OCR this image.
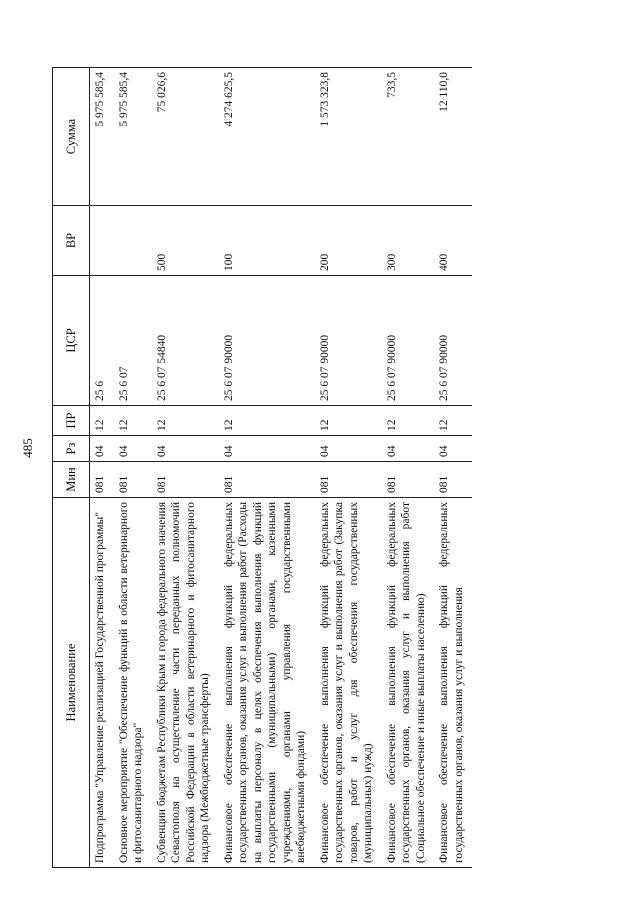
485
Наименование	Мин	Рз	ПР	ЦСР	ВР	Сумма
Подпрограмма "Управление реализацией Государственной программы"	081	04	12	25 6		5 975 585,4
Основное мероприятие "Обеспечение функций в области ветеринарного и фитосанитарного надзора"	081	04	12	25 6 07		5 975 585,4
Субвенции бюджетам Республики Крым и города федерального значения Севастополя на осуществление части переданных полномочий Российской Федерации в области ветеринарного и фитосанитарного надзора (Межбюджетные трансферты)	081	04	12	25 6 07 54840	500	75 026,6
Финансовое обеспечение выполнения функций федеральных государственных органов, оказания услуг и выполнения работ (Расходы на выплаты персоналу в целях обеспечения выполнения функций государственными (муниципальными) органами, казенными учреждениями, органами управления государственными внебюджетными фондами)	081	04	12	25 6 07 90000	100	4 274 625,5
Финансовое обеспечение выполнения функций федеральных государственных органов, оказания услуг и выполнения работ (Закупка товаров, работ и услуг для обеспечения государственных (муниципальных) нужд)	081	04	12	25 6 07 90000	200	1 573 323,8
Финансовое обеспечение выполнения функций федеральных государственных органов, оказания услуг и выполнения работ (Социальное обеспечение и иные выплаты населению)	081	04	12	25 6 07 90000	300	733,5
Финансовое обеспечение выполнения функций федеральных государственных органов, оказания услуг и выполнения	081	04	12	25 6 07 90000	400	12 110,0
